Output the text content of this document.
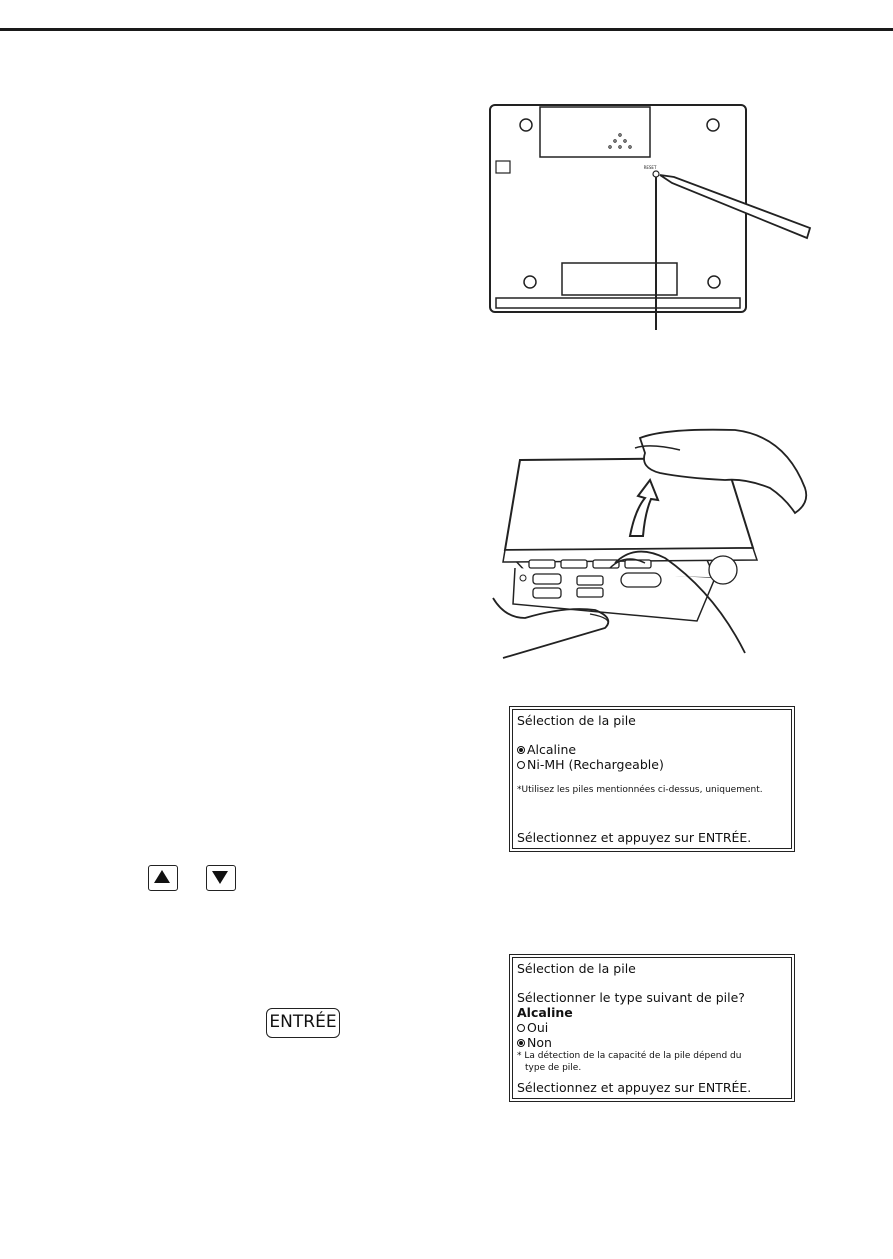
RESET
Sélection de la pile
Alcaline
Ni-MH (Rechargeable)
*Utilisez les piles mentionnées ci-dessus, uniquement.
Sélectionnez et appuyez sur ENTRÉE.
Sélection de la pile
Sélectionner le type suivant de pile?
Alcaline
Oui
Non
* La détection de la capacité de la pile dépend du
type de pile.
Sélectionnez et appuyez sur ENTRÉE.
ENTRÉE
